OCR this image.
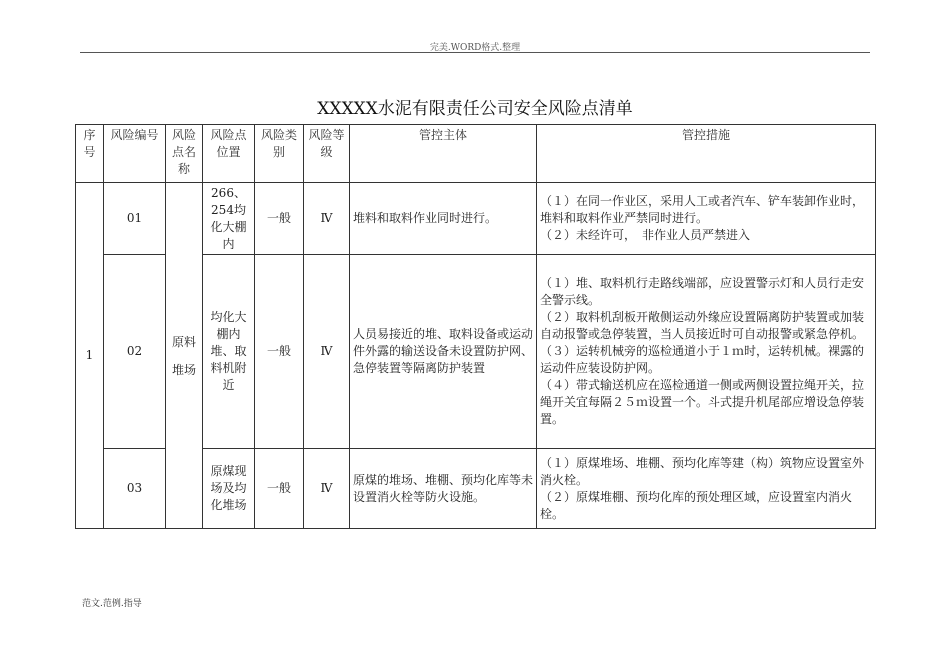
完美.WORD格式.整理
XXXXX水泥有限责任公司安全风险点清单
序号	风险编号	风险点名称	风险点位置	风险类别	风险等级	管控主体	管控措施
1	01	原料堆场	266、254均化大棚内	一般	Ⅳ	堆料和取料作业同时进行。	（１）在同一作业区，采用人工或者汽车、铲车装卸作业时，堆料和取料作业严禁同时进行。
（２）未经许可，　非作业人员严禁进入

	02		均化大棚内堆、取料机附近	一般	Ⅳ	人员易接近的堆、取料设备或运动件外露的输送设备未设置防护网、急停装置等隔离防护装置	（１）堆、取料机行走路线端部，应设置警示灯和人员行走安全警示线。
（２）取料机刮板开敞侧运动外缘应设置隔离防护装置或加装自动报警或急停装置，当人员接近时可自动报警或紧急停机。
（３）运转机械旁的巡检通道小于１ｍ时，运转机械。裸露的运动件应装设防护网。
（４）带式输送机应在巡检通道一侧或两侧设置拉绳开关，拉绳开关宜每隔２５ｍ设置一个。斗式提升机尾部应增设急停装置。

	03		原煤现场及均化堆场	一般	Ⅳ	原煤的堆场、堆棚、预均化库等未设置消火栓等防火设施。	（１）原煤堆场、堆棚、预均化库等建（构）筑物应设置室外消火栓。
（２）原煤堆棚、预均化库的预处理区域，应设置室内消火栓。
范文.范例.指导
